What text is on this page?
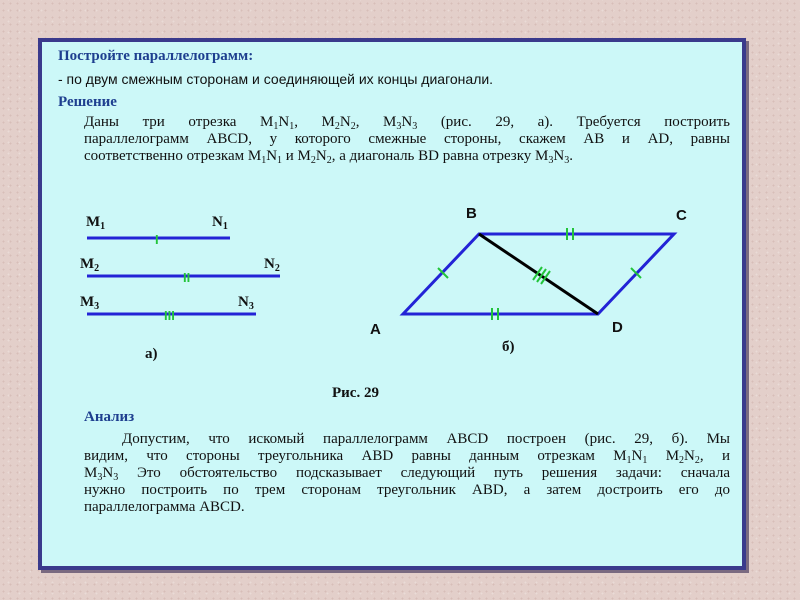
Постройте параллелограмм:
- по двум смежным сторонам и соединяющей их концы диагонали.
Решение
Даны три отрезка $M_1N_1$, $M_2N_2$, $M_3N_3$ (рис. 29, а). Требуется построить
параллелограмм ABCD, у которого смежные стороны, скажем AB и AD, равны
соответственно отрезкам $M_1N_1$ и $M_2N_2$, а диагональ BD равна отрезку $M_3N_3$.
I
II
III
$M_1$	$N_1$
$M_2$	$N_2$
$M_3$	$N_3$
а)
B	C
A	D
б)
Рис. 29
Анализ
Допустим, что искомый параллелограмм ABCD построен (рис. 29, б). Мы
видим, что стороны треугольника ABD равны данным отрезкам $M_1N_1$ $M_2N_2$, и
$M_3N_3$ Это обстоятельство подсказывает следующий путь решения задачи: сначала
нужно построить по трем сторонам треугольник ABD, а затем достроить его до
параллелограмма ABCD.
